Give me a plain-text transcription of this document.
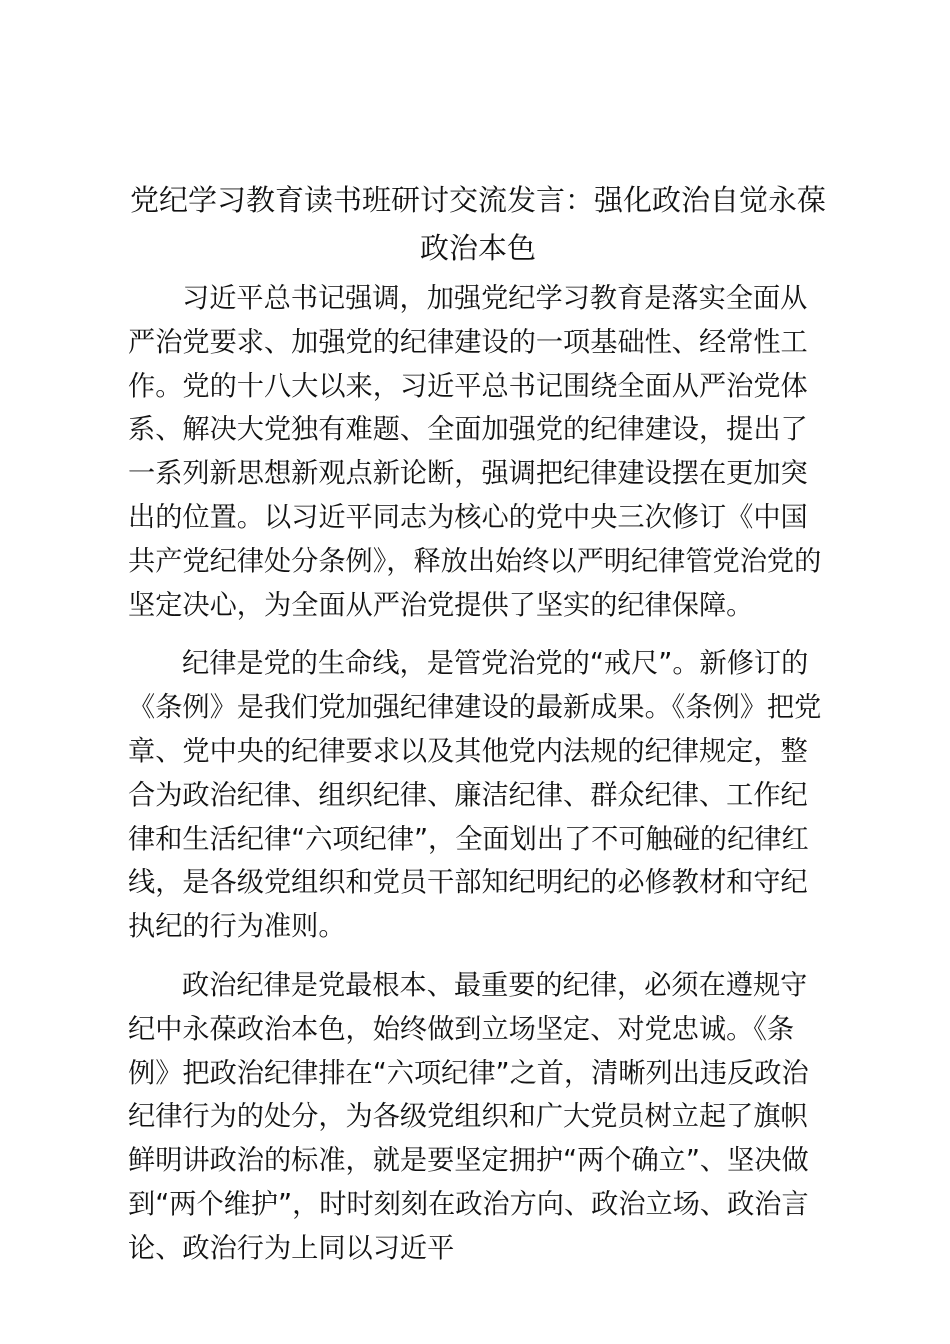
党纪学习教育读书班研讨交流发言：强化政治自觉永葆政治本色

习近平总书记强调，加强党纪学习教育是落实全面从严治党要求、加强党的纪律建设的一项基础性、经常性工作。党的十八大以来，习近平总书记围绕全面从严治党体系、解决大党独有难题、全面加强党的纪律建设，提出了一系列新思想新观点新论断，强调把纪律建设摆在更加突出的位置。以习近平同志为核心的党中央三次修订《中国共产党纪律处分条例》，释放出始终以严明纪律管党治党的坚定决心，为全面从严治党提供了坚实的纪律保障。

纪律是党的生命线，是管党治党的“戒尺”。新修订的《条例》是我们党加强纪律建设的最新成果。《条例》把党章、党中央的纪律要求以及其他党内法规的纪律规定，整合为政治纪律、组织纪律、廉洁纪律、群众纪律、工作纪律和生活纪律“六项纪律”，全面划出了不可触碰的纪律红线，是各级党组织和党员干部知纪明纪的必修教材和守纪执纪的行为准则。

政治纪律是党最根本、最重要的纪律，必须在遵规守纪中永葆政治本色，始终做到立场坚定、对党忠诚。《条例》把政治纪律排在“六项纪律”之首，清晰列出违反政治纪律行为的处分，为各级党组织和广大党员树立起了旗帜鲜明讲政治的标准，就是要坚定拥护“两个确立”、坚决做到“两个维护”，时时刻刻在政治方向、政治立场、政治言论、政治行为上同以习近平
